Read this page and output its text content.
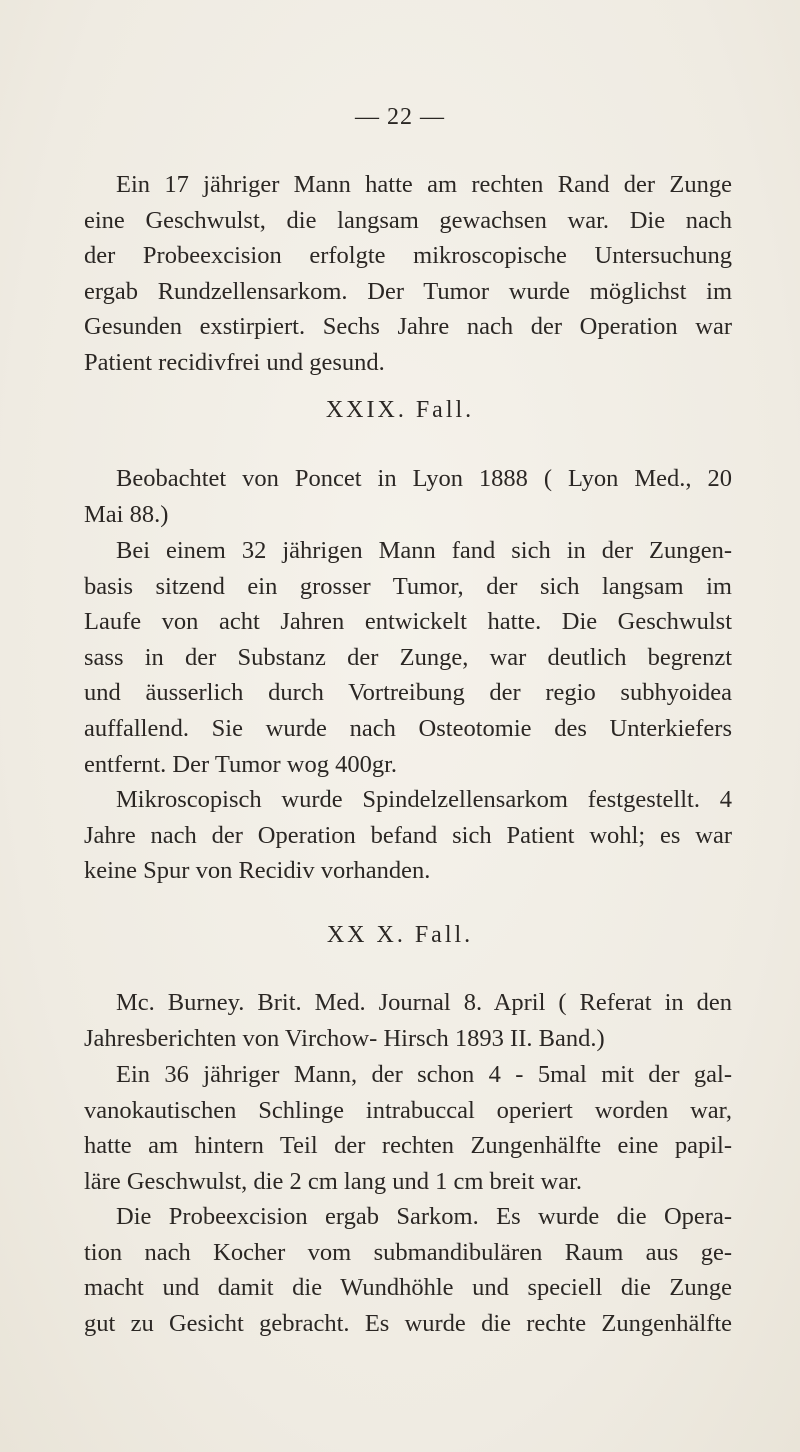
— 22 —
Ein 17 jähriger Mann hatte am rechten Rand der Zunge
eine Geschwulst, die langsam gewachsen war. Die nach
der Probeexcision erfolgte mikroscopische Untersuchung
ergab Rundzellensarkom. Der Tumor wurde möglichst im
Gesunden exstirpiert. Sechs Jahre nach der Operation war
Patient recidivfrei und gesund.
XXIX. Fall.
Beobachtet von Poncet in Lyon 1888 ( Lyon Med., 20
Mai 88.)
Bei einem 32 jährigen Mann fand sich in der Zungen-
basis sitzend ein grosser Tumor, der sich langsam im
Laufe von acht Jahren entwickelt hatte. Die Geschwulst
sass in der Substanz der Zunge, war deutlich begrenzt
und äusserlich durch Vortreibung der regio subhyoidea
auffallend. Sie wurde nach Osteotomie des Unterkiefers
entfernt. Der Tumor wog 400gr.
Mikroscopisch wurde Spindelzellensarkom festgestellt. 4
Jahre nach der Operation befand sich Patient wohl; es war
keine Spur von Recidiv vorhanden.
XX X. Fall.
Mc. Burney. Brit. Med. Journal 8. April ( Referat in den
Jahresberichten von Virchow- Hirsch 1893 II. Band.)
Ein 36 jähriger Mann, der schon 4 - 5mal mit der gal-
vanokautischen Schlinge intrabuccal operiert worden war,
hatte am hintern Teil der rechten Zungenhälfte eine papil-
läre Geschwulst, die 2 cm lang und 1 cm breit war.
Die Probeexcision ergab Sarkom. Es wurde die Opera-
tion nach Kocher vom submandibulären Raum aus ge-
macht und damit die Wundhöhle und speciell die Zunge
gut zu Gesicht gebracht. Es wurde die rechte Zungenhälfte
